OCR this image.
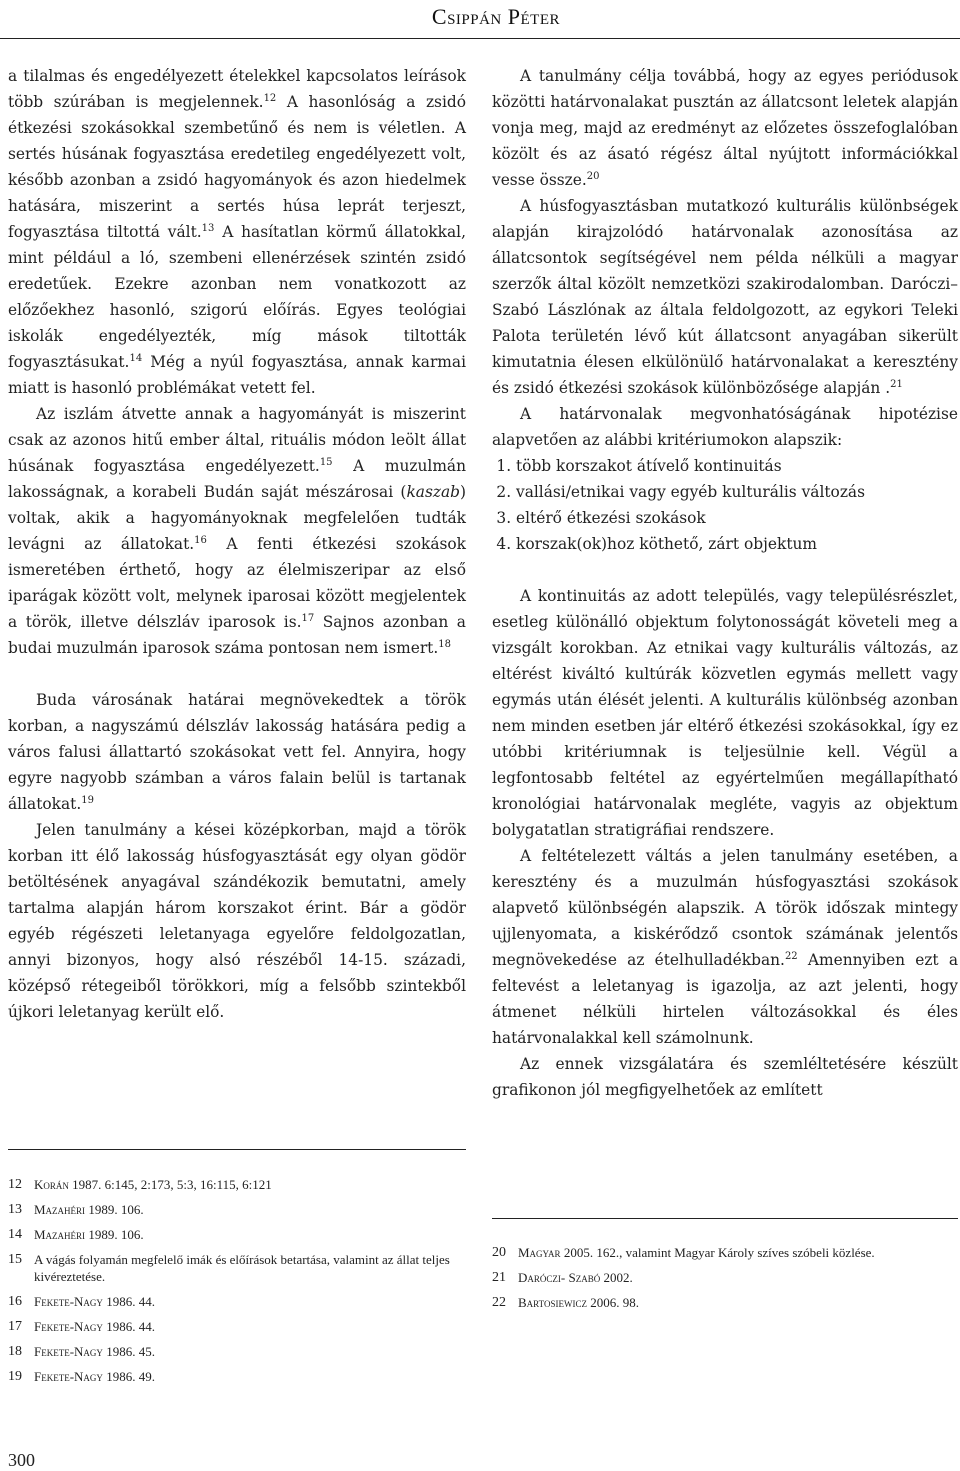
Csippán Péter

a tilalmas és engedélyezett ételekkel kapcsolatos leírások több szúrában is megjelennek.$^{12}$ A hasonlóság a zsidó étkezési szokásokkal szembetűnő és nem is véletlen. A sertés húsának fogyasztása eredetileg engedélyezett volt, később azonban a zsidó hagyományok és azon hiedelmek hatására, miszerint a sertés húsa leprát terjeszt, fogyasztása tiltottá vált.$^{13}$ A hasítatlan körmű állatokkal, mint például a ló, szembeni ellenérzések szintén zsidó eredetűek. Ezekre azonban nem vonatkozott az előzőekhez hasonló, szigorú előírás. Egyes teológiai iskolák engedélyezték, míg mások tiltották fogyasztásukat.$^{14}$ Még a nyúl fogyasztása, annak karmai miatt is hasonló problémákat vetett fel.

Az iszlám átvette annak a hagyományát is miszerint csak az azonos hitű ember által, rituális módon leölt állat húsának fogyasztása engedélyezett.$^{15}$ A muzulmán lakosságnak, a korabeli Budán saját mészárosai (kaszab) voltak, akik a hagyományoknak megfelelően tudták levágni az állatokat.$^{16}$ A fenti étkezési szokások ismeretében érthető, hogy az élelmiszeripar az első iparágak között volt, melynek iparosai között megjelentek a török, illetve délszláv iparosok is.$^{17}$ Sajnos azonban a budai muzulmán iparosok száma pontosan nem ismert.$^{18}$

Buda városának határai megnövekedtek a török korban, a nagyszámú délszláv lakosság hatására pedig a város falusi állattartó szokásokat vett fel. Annyira, hogy egyre nagyobb számban a város falain belül is tartanak állatokat.$^{19}$

Jelen tanulmány a kései középkorban, majd a török korban itt élő lakosság húsfogyasztását egy olyan gödör betöltésének anyagával szándékozik bemutatni, amely tartalma alapján három korszakot érint. Bár a gödör egyéb régészeti leletanyaga egyelőre feldolgozatlan, annyi bizonyos, hogy alsó részéből 14-15. századi, középső rétegeiből törökkori, míg a felsőbb szintekből újkori leletanyag került elő.

A tanulmány célja továbbá, hogy az egyes periódusok közötti határvonalakat pusztán az állatcsont leletek alapján vonja meg, majd az eredményt az előzetes összefoglalóban közölt és az ásató régész által nyújtott információkkal vesse össze.$^{20}$

A húsfogyasztásban mutatkozó kulturális különbségek alapján kirajzolódó határvonalak azonosítása az állatcsontok segítségével nem példa nélküli a magyar szerzők által közölt nemzetközi szakirodalomban. Daróczi–Szabó Lászlónak az általa feldolgozott, az egykori Teleki Palota területén lévő kút állatcsont anyagában sikerült kimutatnia élesen elkülönülő határvonalakat a keresztény és zsidó étkezési szokások különbözősége alapján .$^{21}$

A határvonalak megvonhatóságának hipotézise alapvetően az alábbi kritériumokon alapszik:

1. több korszakot átívelő kontinuitás
2. vallási/etnikai vagy egyéb kulturális változás
3. eltérő étkezési szokások
4. korszak(ok)hoz köthető, zárt objektum

A kontinuitás az adott település, vagy településrészlet, esetleg különálló objektum folytonosságát követeli meg a vizsgált korokban. Az etnikai vagy kulturális változás, az eltérést kiváltó kultúrák közvetlen egymás mellett vagy egymás után élését jelenti. A kulturális különbség azonban nem minden esetben jár eltérő étkezési szokásokkal, így ez utóbbi kritériumnak is teljesülnie kell. Végül a legfontosabb feltétel az egyértelműen megállapítható kronológiai határvonalak megléte, vagyis az objektum bolygatatlan stratigráfiai rendszere.

A feltételezett váltás a jelen tanulmány esetében, a keresztény és a muzulmán húsfogyasztási szokások alapvető különbségén alapszik. A török időszak mintegy ujjlenyomata, a kiskérődző csontok számának jelentős megnövekedése az ételhulladékban.$^{22}$ Amennyiben ezt a feltevést a leletanyag is igazolja, az azt jelenti, hogy átmenet nélküli hirtelen változásokkal és éles határvonalakkal kell számolnunk.

Az ennek vizsgálatára és szemléltetésére készült grafikonon jól megfigyelhetőek az említett

12 Korán 1987. 6:145, 2:173, 5:3, 16:115, 6:121
13 Mazahéri 1989. 106.
14 Mazahéri 1989. 106.
15 A vágás folyamán megfelelő imák és előírások betartása, valamint az állat teljes kivéreztetése.
16 Fekete-Nagy 1986. 44.
17 Fekete-Nagy 1986. 44.
18 Fekete-Nagy 1986. 45.
19 Fekete-Nagy 1986. 49.
20 Magyar 2005. 162., valamint Magyar Károly szíves szóbeli közlése.
21 Daróczi- Szabó 2002.
22 Bartosiewicz 2006. 98.
300
